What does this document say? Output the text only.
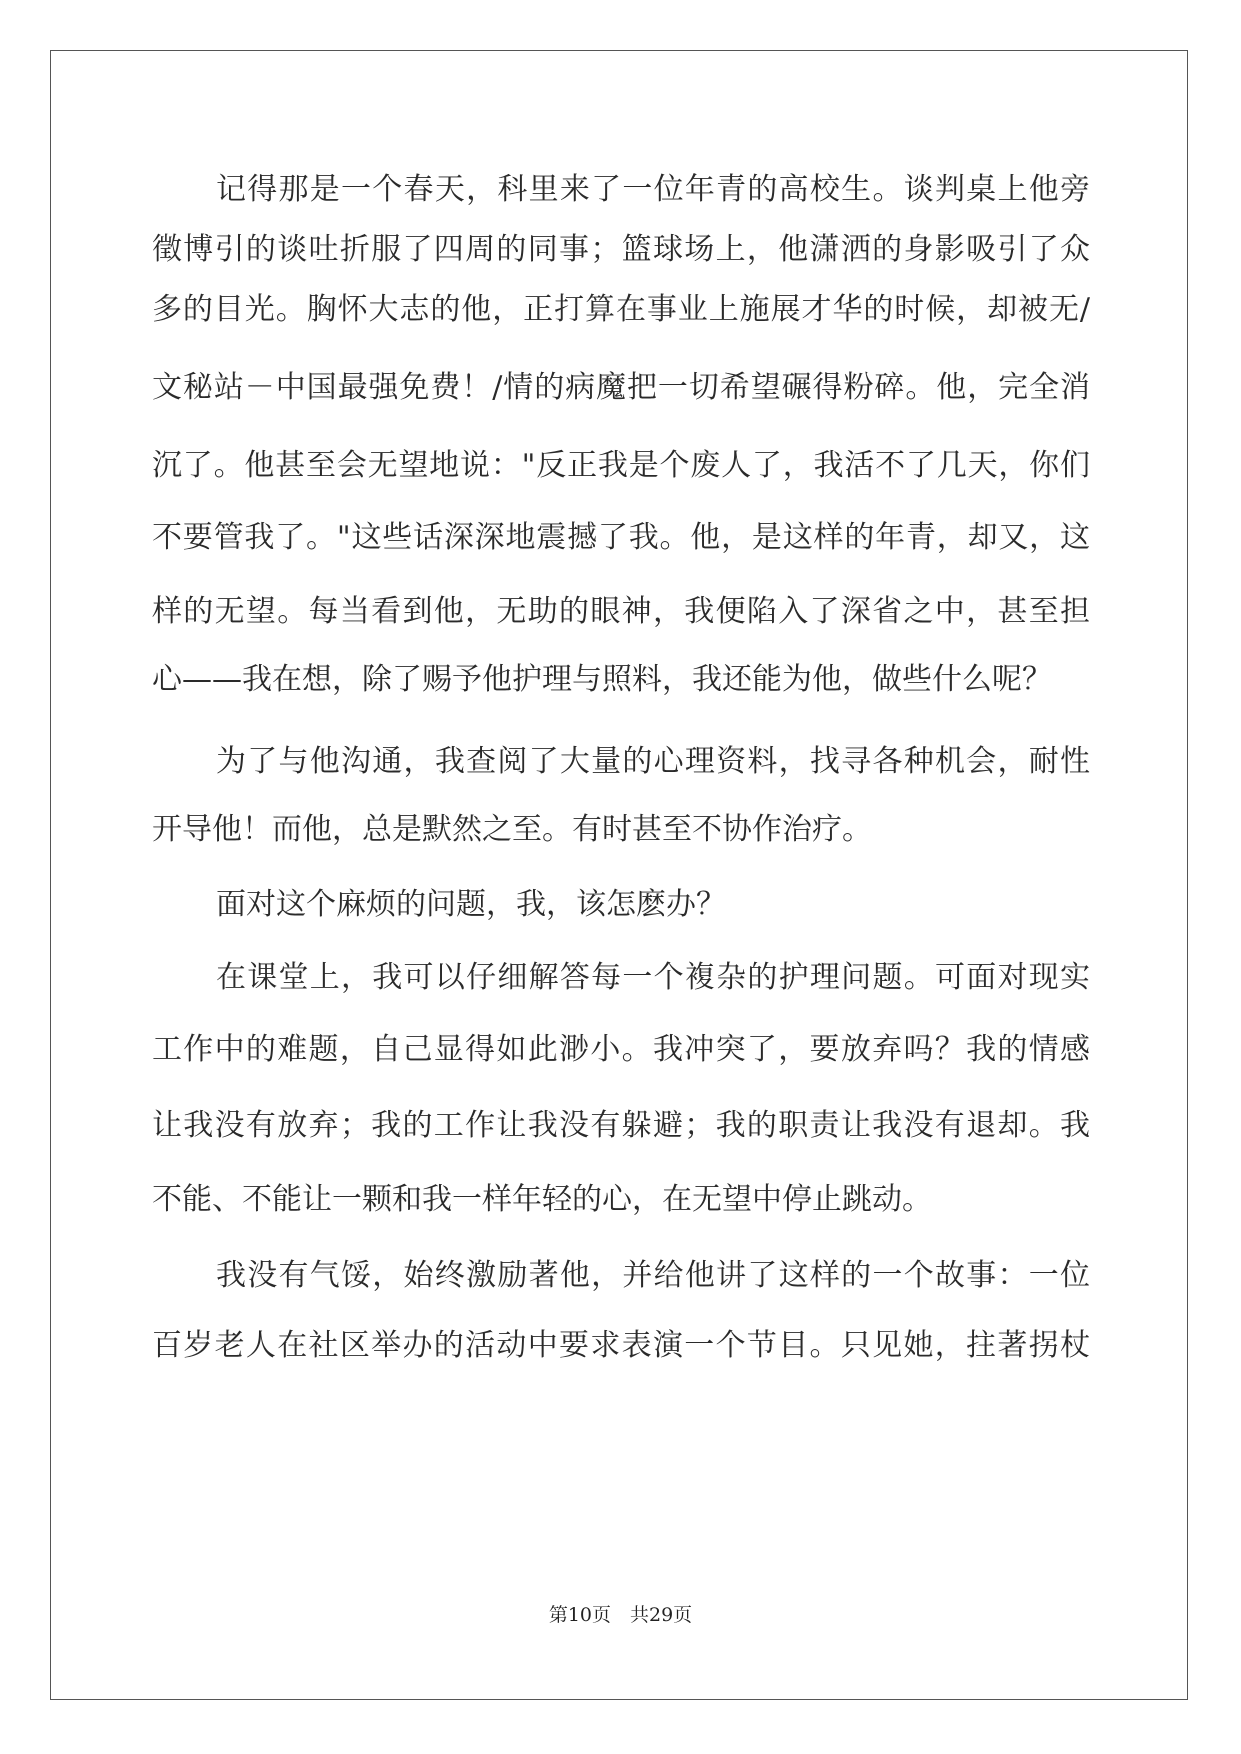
记得那是一个春天，科里来了一位年青的高校生。谈判桌上他旁
徵博引的谈吐折服了四周的同事；篮球场上，他潇洒的身影吸引了众
多的目光。胸怀大志的他，正打算在事业上施展才华的时候，却被无/
文秘站－中国最强免费！/情的病魔把一切希望碾得粉碎。他，完全消
沉了。他甚至会无望地说："反正我是个废人了，我活不了几天，你们
不要管我了。"这些话深深地震撼了我。他，是这样的年青，却又，这
样的无望。每当看到他，无助的眼神，我便陷入了深省之中，甚至担
心——我在想，除了赐予他护理与照料，我还能为他，做些什么呢？
为了与他沟通，我查阅了大量的心理资料，找寻各种机会，耐性
开导他！而他，总是默然之至。有时甚至不协作治疗。
面对这个麻烦的问题，我，该怎麽办？
在课堂上，我可以仔细解答每一个複杂的护理问题。可面对现实
工作中的难题，自己显得如此渺小。我冲突了，要放弃吗？我的情感
让我没有放弃；我的工作让我没有躲避；我的职责让我没有退却。我
不能、不能让一颗和我一样年轻的心，在无望中停止跳动。
我没有气馁，始终激励著他，并给他讲了这样的一个故事：一位
百岁老人在社区举办的活动中要求表演一个节目。只见她，拄著拐杖
第10页　共29页
